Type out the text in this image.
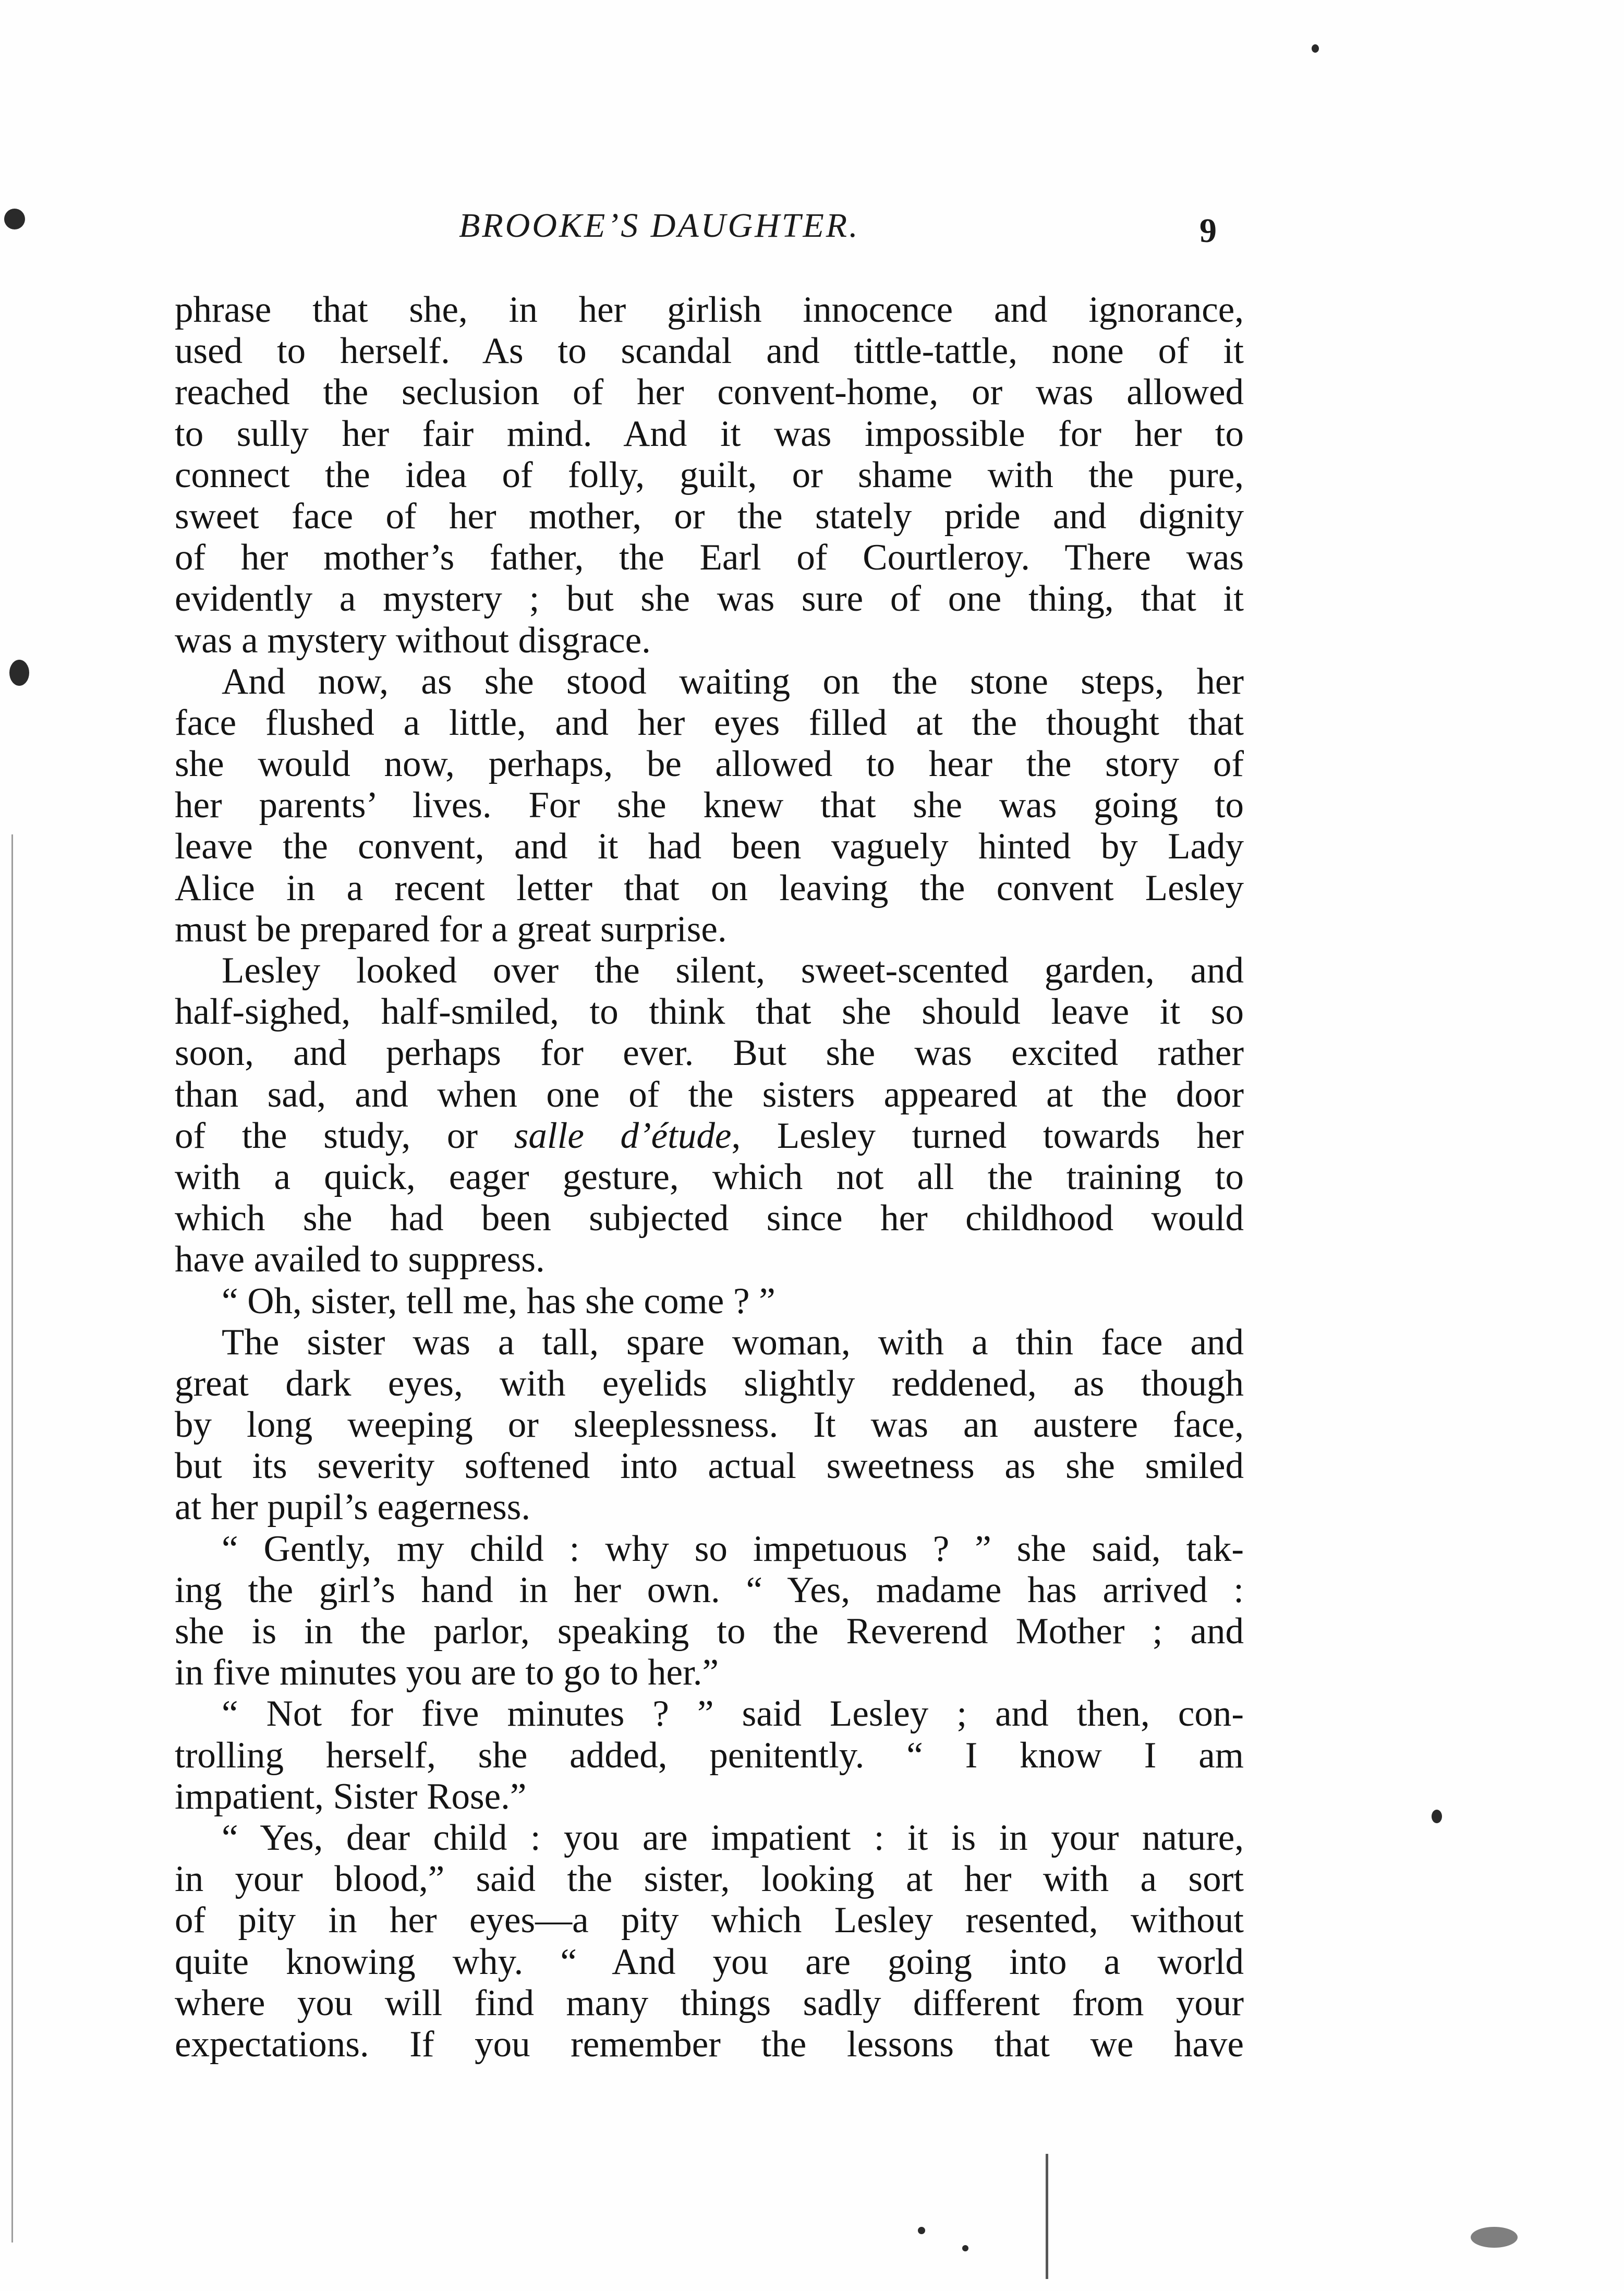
BROOKE’S DAUGHTER.	9
phrase that she, in her girlish innocence and ignorance,
used to herself. As to scandal and tittle-tattle, none of it
reached the seclusion of her convent-home, or was allowed
to sully her fair mind. And it was impossible for her to
connect the idea of folly, guilt, or shame with the pure,
sweet face of her mother, or the stately pride and dignity
of her mother’s father, the Earl of Courtleroy. There was
evidently a mystery ; but she was sure of one thing, that it
was a mystery without disgrace.
And now, as she stood waiting on the stone steps, her
face flushed a little, and her eyes filled at the thought that
she would now, perhaps, be allowed to hear the story of
her parents’ lives. For she knew that she was going to
leave the convent, and it had been vaguely hinted by Lady
Alice in a recent letter that on leaving the convent Lesley
must be prepared for a great surprise.
Lesley looked over the silent, sweet-scented garden, and
half-sighed, half-smiled, to think that she should leave it so
soon, and perhaps for ever. But she was excited rather
than sad, and when one of the sisters appeared at the door
of the study, or salle d’étude, Lesley turned towards her
with a quick, eager gesture, which not all the training to
which she had been subjected since her childhood would
have availed to suppress.
“ Oh, sister, tell me, has she come ? ”
The sister was a tall, spare woman, with a thin face and
great dark eyes, with eyelids slightly reddened, as though
by long weeping or sleeplessness. It was an austere face,
but its severity softened into actual sweetness as she smiled
at her pupil’s eagerness.
“ Gently, my child : why so impetuous ? ” she said, tak-
ing the girl’s hand in her own. “ Yes, madame has arrived :
she is in the parlor, speaking to the Reverend Mother ; and
in five minutes you are to go to her.”
“ Not for five minutes ? ” said Lesley ; and then, con-
trolling herself, she added, penitently. “ I know I am
impatient, Sister Rose.”
“ Yes, dear child : you are impatient : it is in your nature,
in your blood,” said the sister, looking at her with a sort
of pity in her eyes—a pity which Lesley resented, without
quite knowing why. “ And you are going into a world
where you will find many things sadly different from your
expectations. If you remember the lessons that we have
